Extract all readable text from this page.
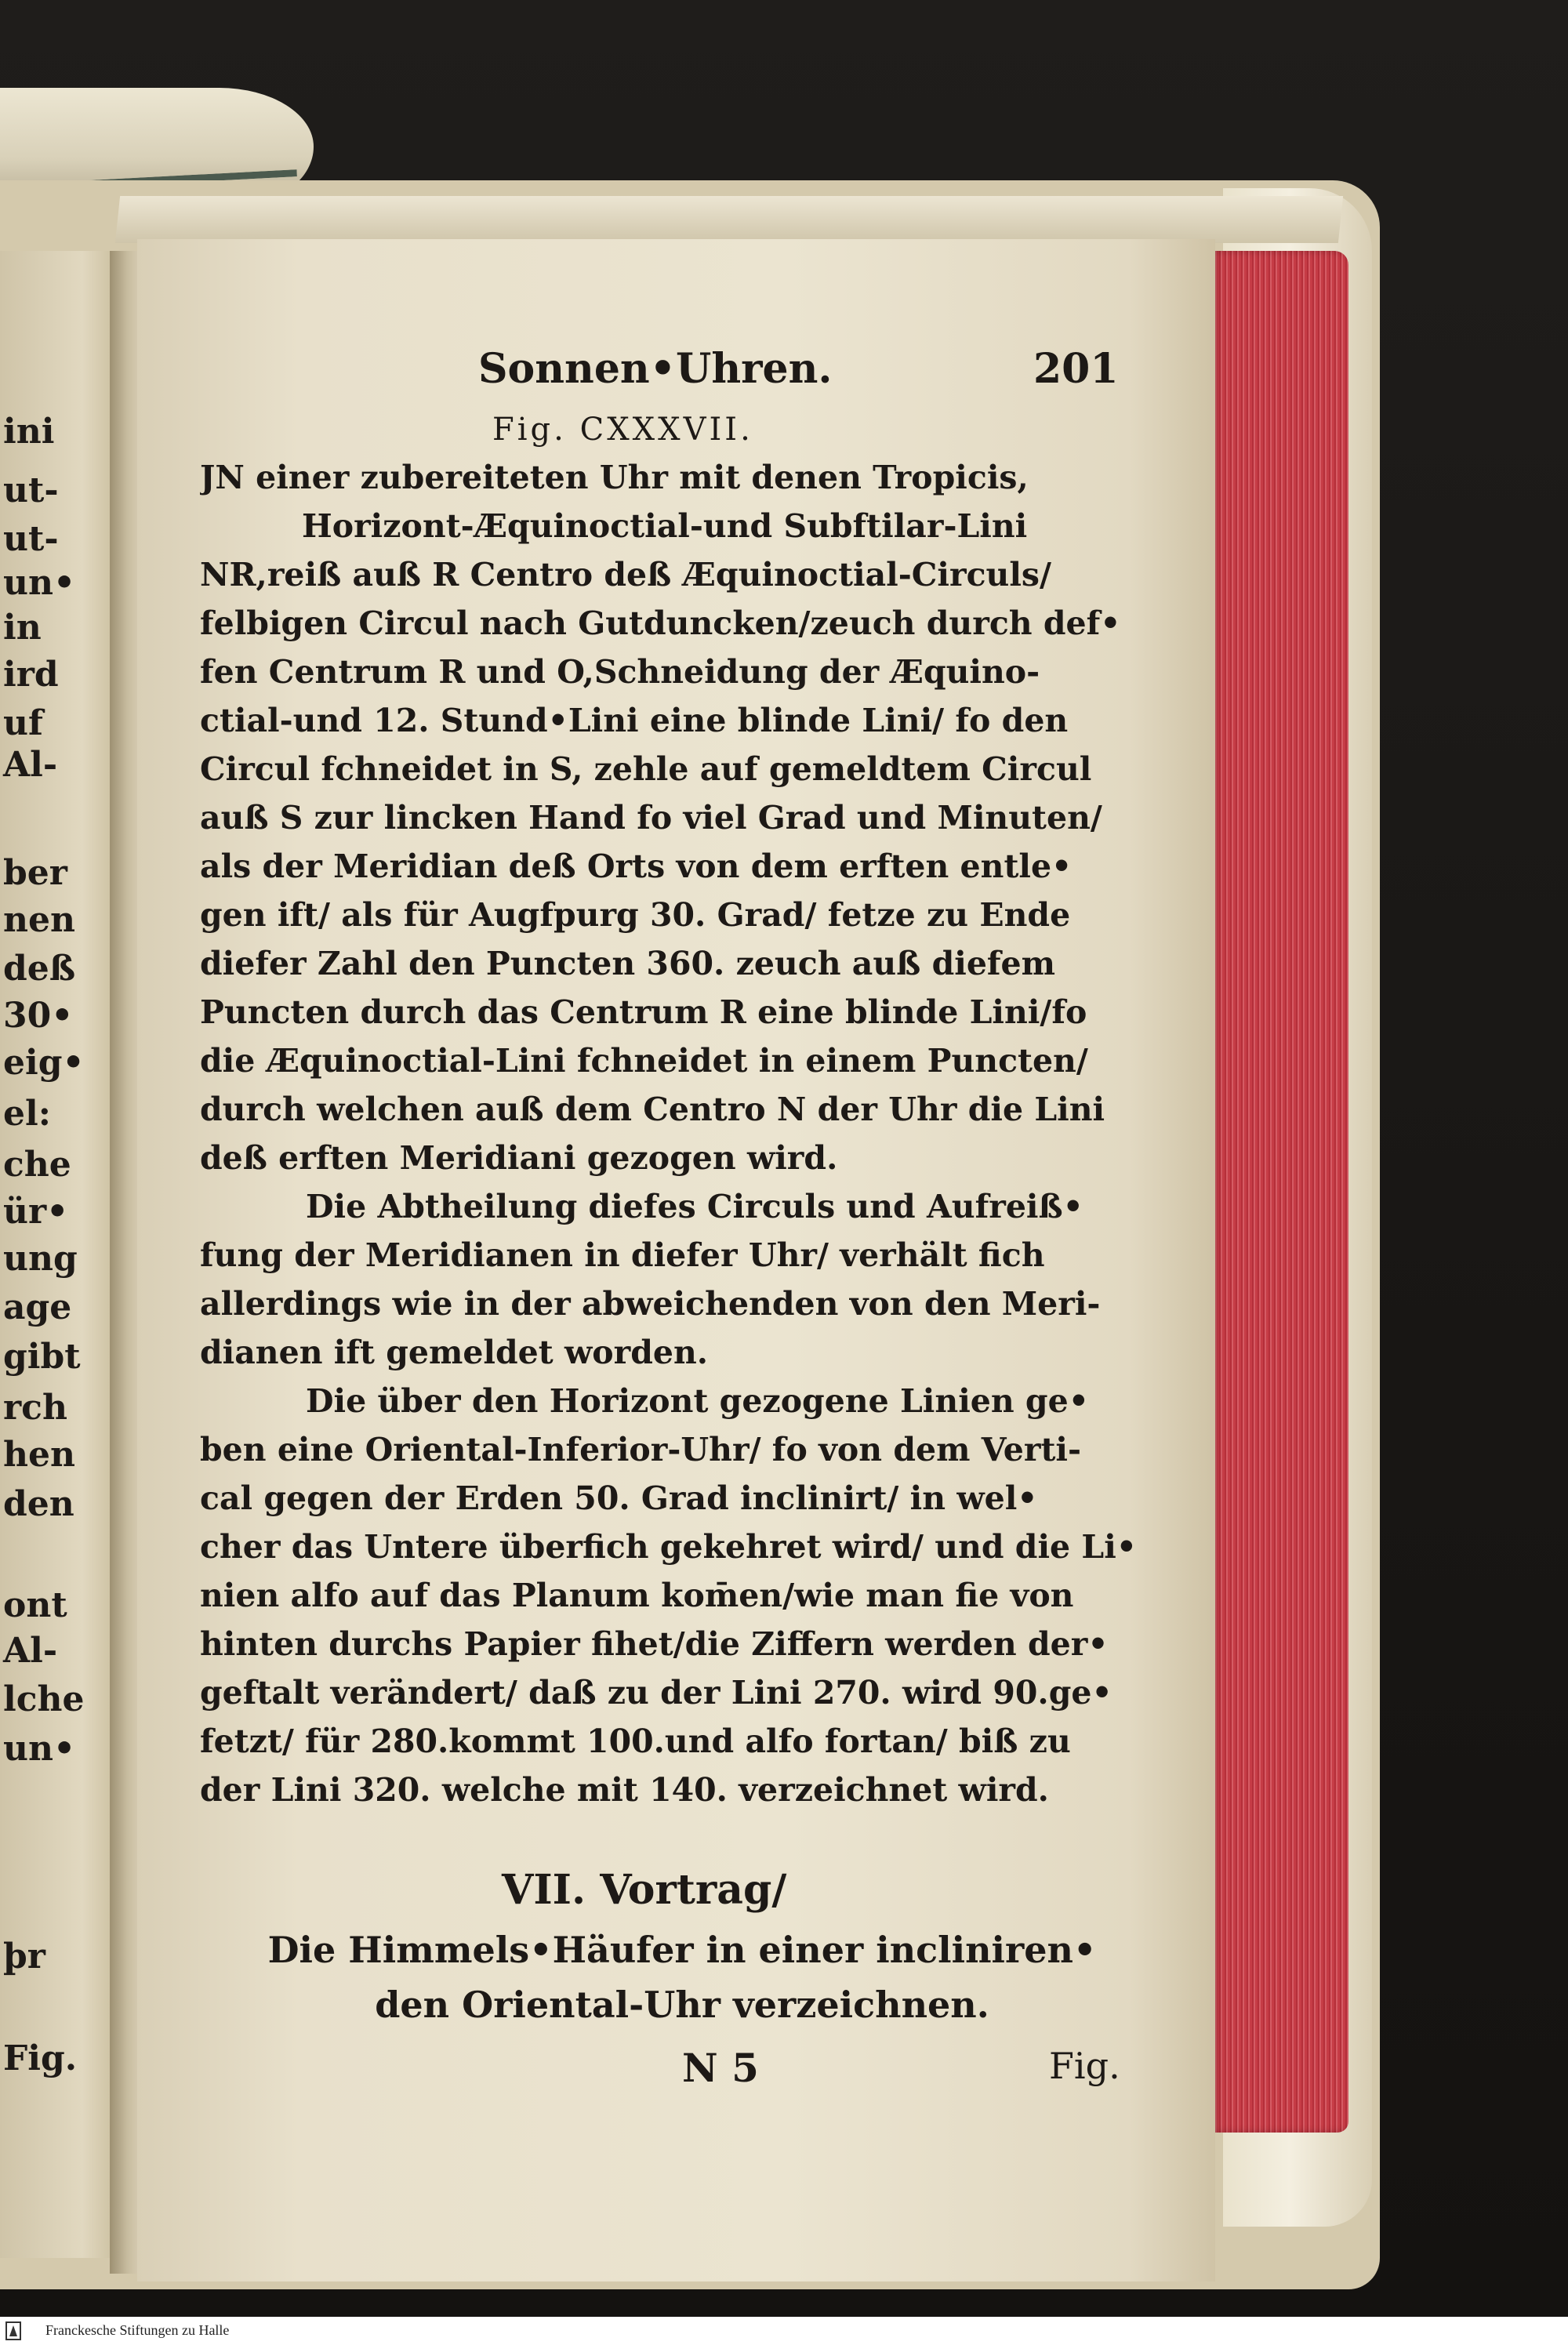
ini
ut-
ut-
un•
in
ird
uf
Al-
ber
nen
deß
30•
eig•
el:
che
ür•
ung
age
gibt
rch
hen
den
ont
Al-
lche
un•
þr
Fig.
Sonnen•Uhren.	201
Fig. CXXXVII.
JN einer zubereiteten Uhr mit denen Tropicis,
Horizont-Æquinoctial-und Subftilar-Lini
NR,reiß auß R Centro deß Æquinoctial-Circuls/
felbigen Circul nach Gutduncken/zeuch durch def•
fen Centrum R und O,Schneidung der Æquino-
ctial-und 12. Stund•Lini eine blinde Lini/ fo den
Circul fchneidet in S, zehle auf gemeldtem Circul
auß S zur lincken Hand fo viel Grad und Minuten/
als der Meridian deß Orts von dem erften entle•
gen ift/ als für Augfpurg 30. Grad/ fetze zu Ende
diefer Zahl den Puncten 360. zeuch auß diefem
Puncten durch das Centrum R eine blinde Lini/fo
die Æquinoctial-Lini fchneidet in einem Puncten/
durch welchen auß dem Centro N der Uhr die Lini
deß erften Meridiani gezogen wird.
Die Abtheilung diefes Circuls und Aufreiß•
fung der Meridianen in diefer Uhr/ verhält fich
allerdings wie in der abweichenden von den Meri-
dianen ift gemeldet worden.
Die über den Horizont gezogene Linien ge•
ben eine Oriental-Inferior-Uhr/ fo von dem Verti-
cal gegen der Erden 50. Grad inclinirt/ in wel•
cher das Untere überfich gekehret wird/ und die Li•
nien alfo auf das Planum kom̄en/wie man fie von
hinten durchs Papier fihet/die Ziffern werden der•
geftalt verändert/ daß zu der Lini 270. wird 90.ge•
fetzt/ für 280.kommt 100.und alfo fortan/ biß zu
der Lini 320. welche mit 140. verzeichnet wird.
VII. Vortrag/
Die Himmels•Häufer in einer incliniren•
den Oriental-Uhr verzeichnen.
N 5	Fig.
Franckesche Stiftungen zu Halle
